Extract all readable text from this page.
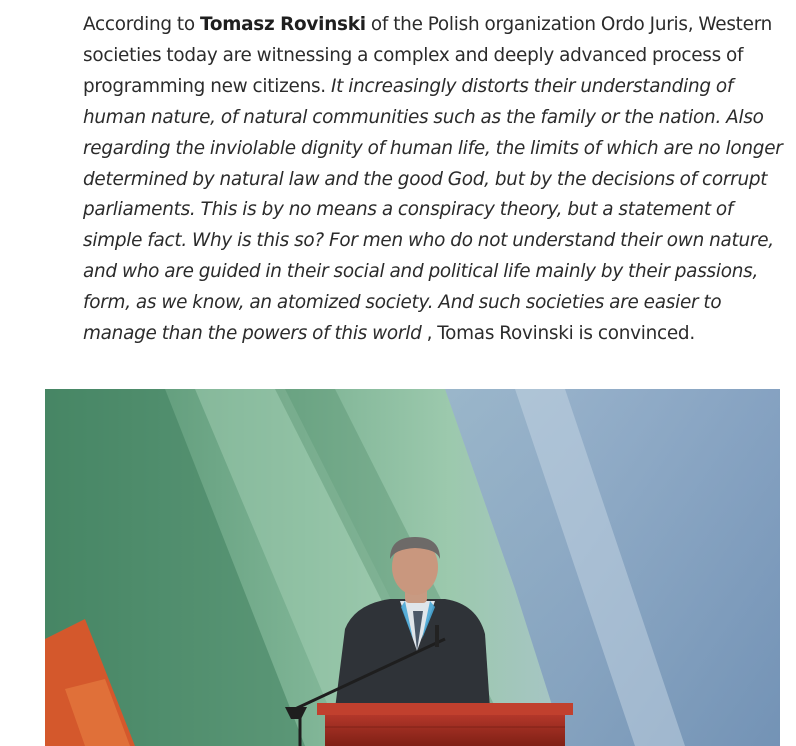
According to Tomasz Rovinski of the Polish organization Ordo Juris, Western societies today are witnessing a complex and deeply advanced process of programming new citizens. It increasingly distorts their understanding of human nature, of natural communities such as the family or the nation. Also regarding the inviolable dignity of human life, the limits of which are no longer determined by natural law and the good God, but by the decisions of corrupt parliaments. This is by no means a conspiracy theory, but a statement of simple fact. Why is this so? For men who do not understand their own nature, and who are guided in their social and political life mainly by their passions, form, as we know, an atomized society. And such societies are easier to manage than the powers of this world , Tomas Rovinski is convinced.
